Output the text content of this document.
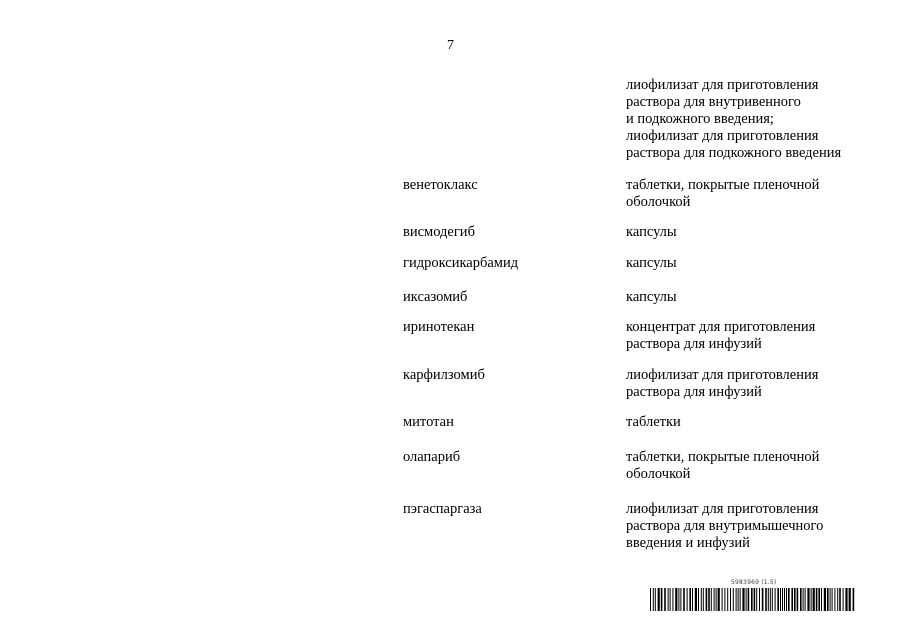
7
лиофилизат для приготовления
раствора для внутривенного
и подкожного введения;
лиофилизат для приготовления
раствора для подкожного введения
венетоклакс	таблетки, покрытые пленочной
оболочкой
висмодегиб	капсулы
гидроксикарбамид	капсулы
иксазомиб	капсулы
иринотекан	концентрат для приготовления
раствора для инфузий
карфилзомиб	лиофилизат для приготовления
раствора для инфузий
митотан	таблетки
олапариб	таблетки, покрытые пленочной
оболочкой
пэгаспаргаза	лиофилизат для приготовления
раствора для внутримышечного
введения и инфузий
5983969 (1.5)
